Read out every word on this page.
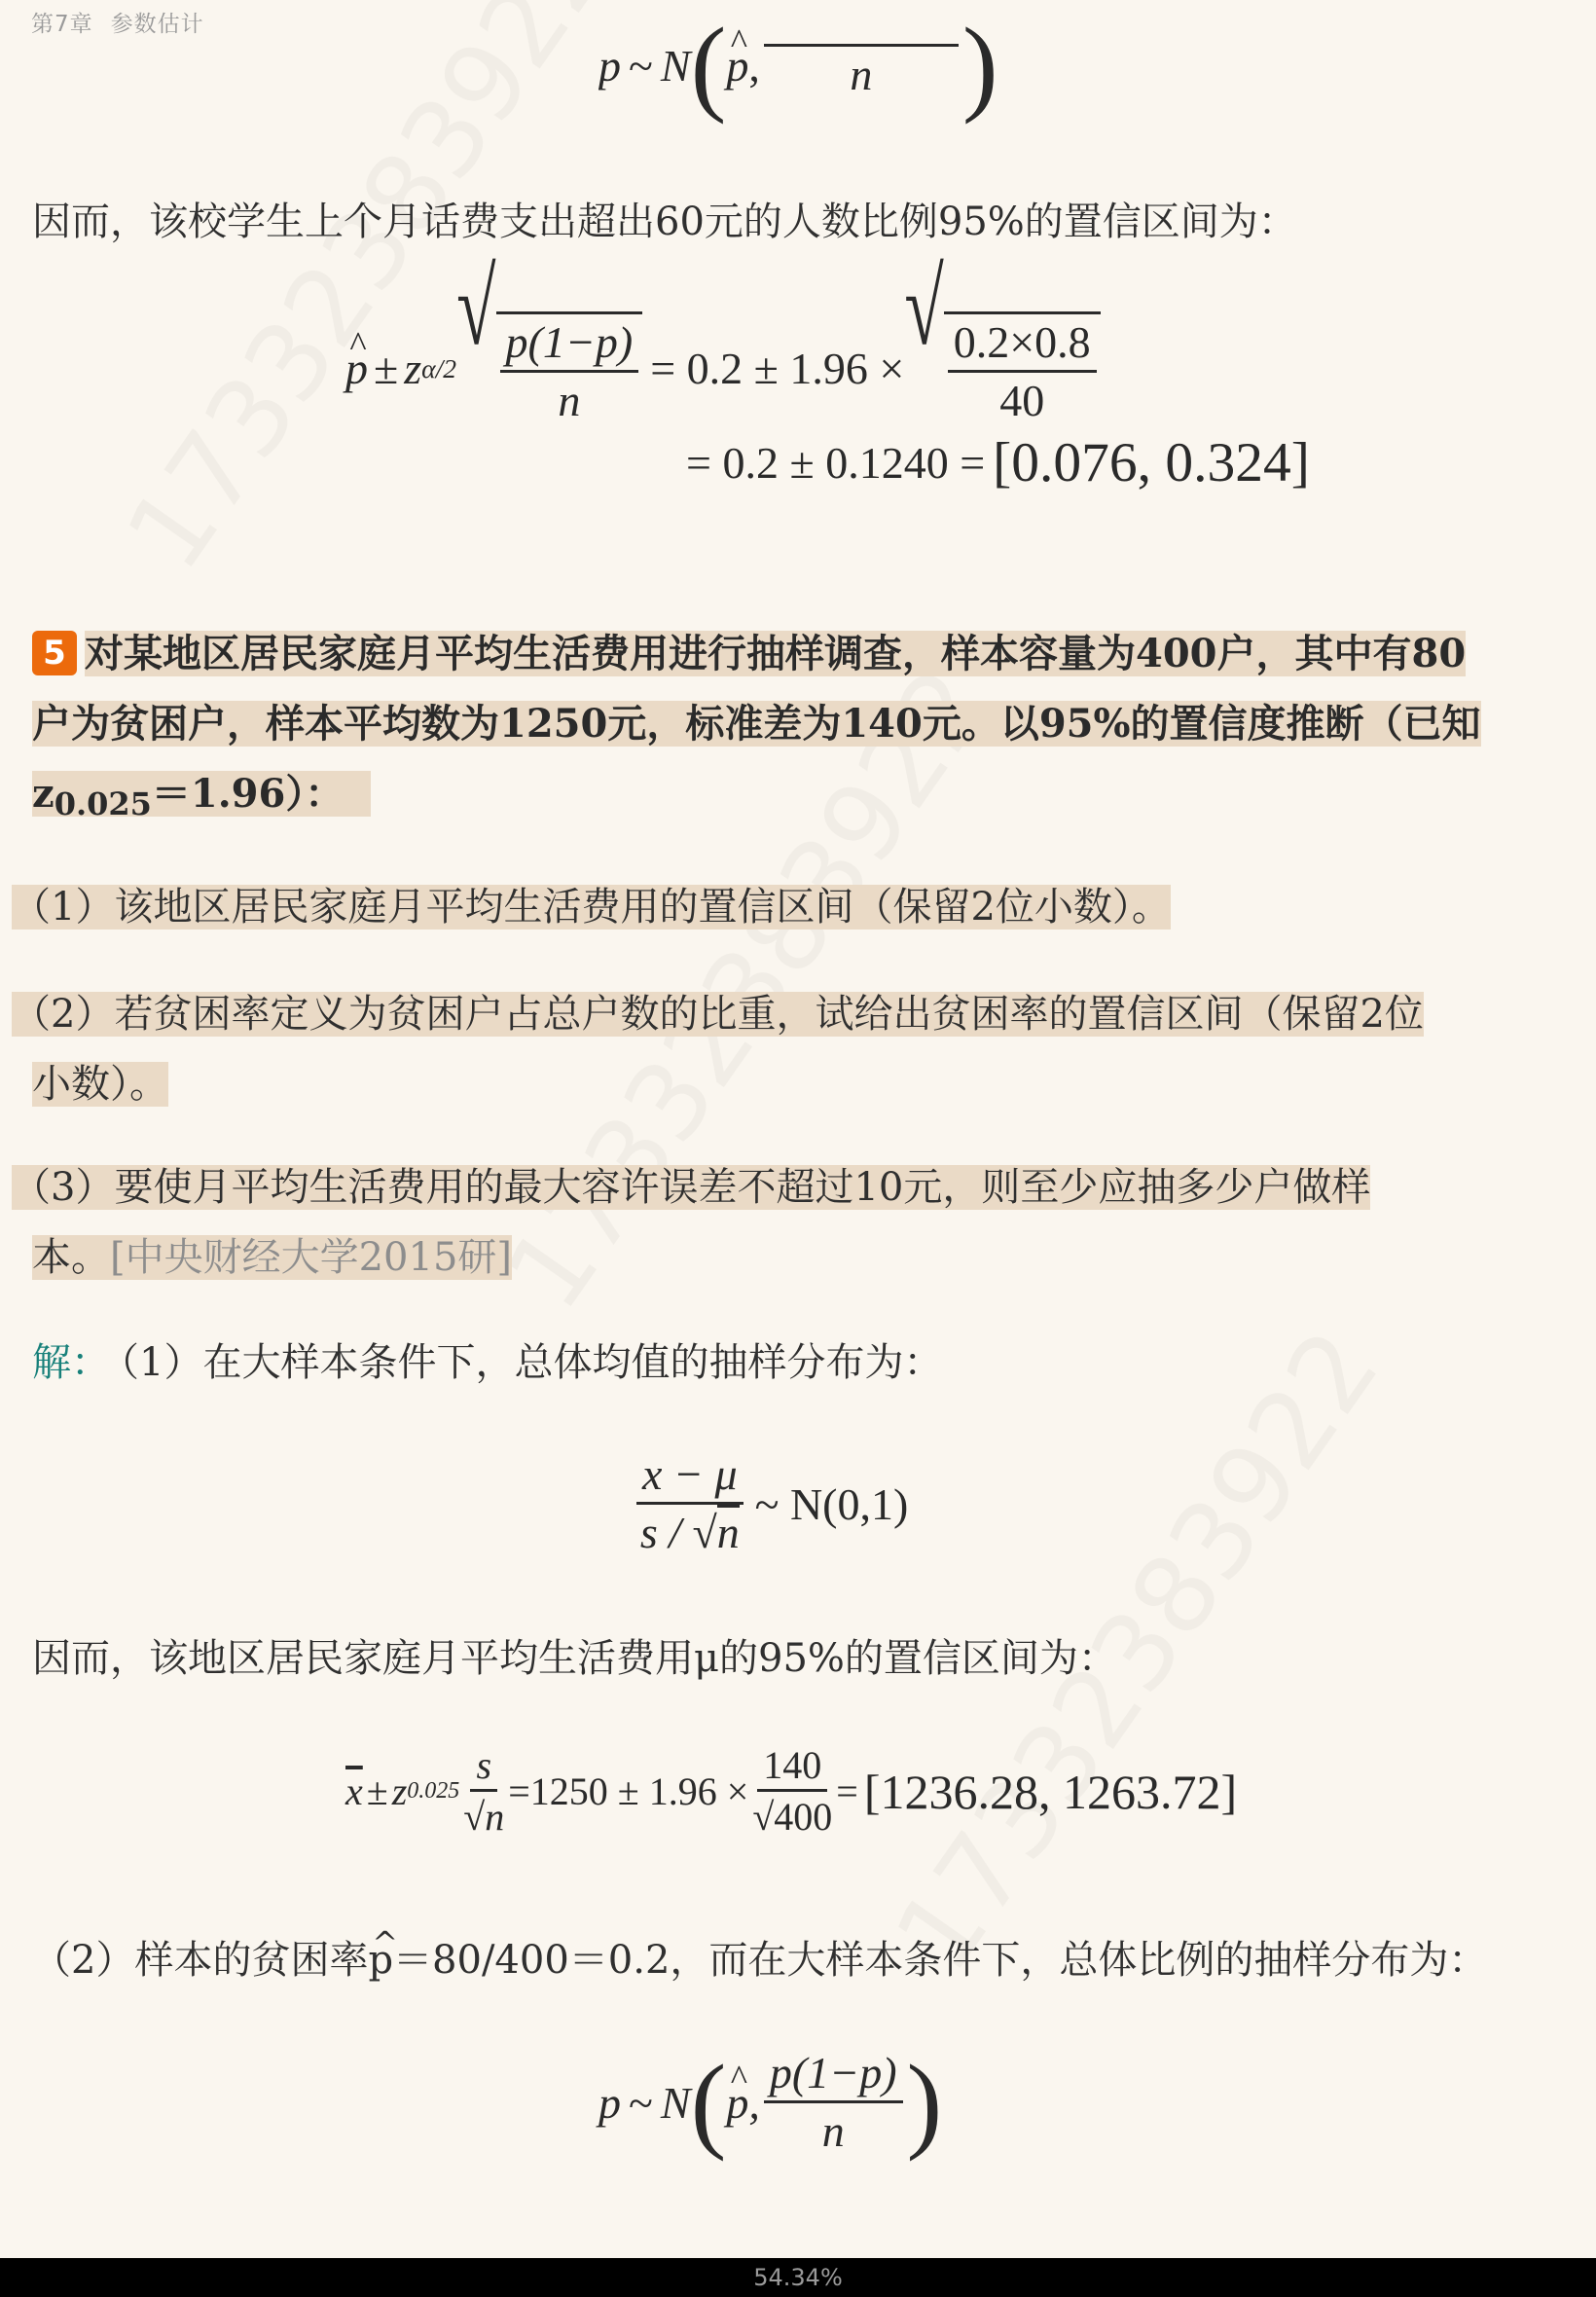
第7章 参数估计
p ~ N ( ^ p ,
n )
因而，该校学生上个月话费支出超出60元的人数比例95%的置信区间为：
^ p ± z α/2
√
$\frac{p(1-p)}{n} = 0.2 \pm 1.96$ ×
√
$\frac{0.2\times 0.8}{40}$
= 0.2 ± 0.1240 = [0.076, 0.324]
5 对某地区居民家庭月平均生活费用进行抽样调查，样本容量为400户，其中有80
户为贫困户，样本平均数为1250元，标准差为140元。以95%的置信度推断（已知
$z_{0.025}=1.96$）：
（1）该地区居民家庭月平均生活费用的置信区间（保留2位小数）。
（2）若贫困率定义为贫困户占总户数的比重，试给出贫困率的置信区间（保留2位
小数）。
（3）要使月平均生活费用的最大容许误差不超过10元，则至少应抽多少户做样
本。[中央财经大学2015研]
解： （1）在大样本条件下，总体均值的抽样分布为：
$\frac{x - \mu}{s / √n}$ ~ N(0,1)
因而，该地区居民家庭月平均生活费用μ的95%的置信区间为：
$\overline{x} \pm z$ $0.025 \frac{s}{√n} =1250 \pm 1.96 \times \frac{140}{√400} = [1236.28$, 1263.72]
（2）样本的贫困率^ p＝80/400＝0.2，而在大样本条件下，总体比例的抽样分布为：
p ~ N ( ^ p, $\frac{p(1-p)}{n}$ )
54.34%
